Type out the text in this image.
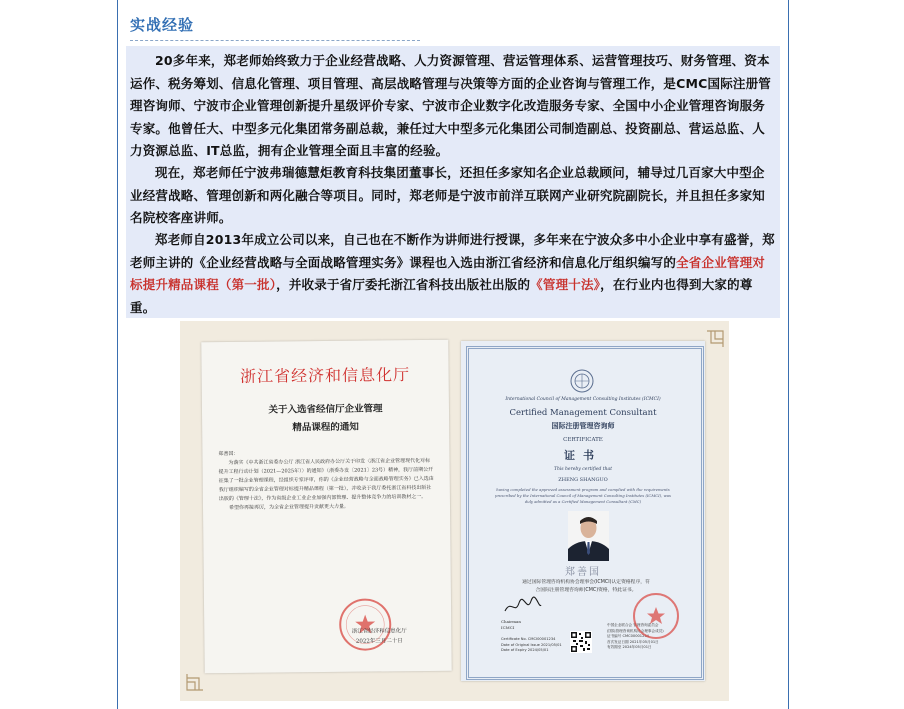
实战经验

20多年来，郑老师始终致力于企业经营战略、人力资源管理、营运管理体系、运营管理技巧、财务管理、资本运作、税务筹划、信息化管理、项目管理、高层战略管理与决策等方面的企业咨询与管理工作，是CMC国际注册管理咨询师、宁波市企业管理创新提升星级评价专家、宁波市企业数字化改造服务专家、全国中小企业管理咨询服务专家。他曾任大、中型多元化集团常务副总裁，兼任过大中型多元化集团公司制造副总、投资副总、营运总监、人力资源总监、IT总监，拥有企业管理全面且丰富的经验。

现在，郑老师任宁波弗瑞德慧炬教育科技集团董事长，还担任多家知名企业总裁顾问，辅导过几百家大中型企业经营战略、管理创新和两化融合等项目。同时，郑老师是宁波市前洋互联网产业研究院副院长，并且担任多家知名院校客座讲师。

郑老师自2013年成立公司以来，自己也在不断作为讲师进行授课，多年来在宁波众多中小企业中享有盛誉，郑老师主讲的《企业经营战略与全面战略管理实务》课程也入选由浙江省经济和信息化厅组织编写的全省企业管理对标提升精品课程（第一批），并收录于省厅委托浙江省科技出版社出版的《管理十法》，在行业内也得到大家的尊重。

浙江省经济和信息化厅
关于入选省经信厅企业管理
精品课程的通知

郑善国：

为落实《中共浙江省委办公厅 浙江省人民政府办公厅关于印发〈浙江省企业管理现代化对标提升工程行动计划（2021—2025年）〉的通知》（浙委办发〔2021〕23号）精神，我厅前期公开征集了一批企业管理课程，经组织专家评审，你的《企业经营战略与全面战略管理实务》已入选由我厅组织编写的全省企业管理对标提升精品课程（第一批），并收录于我厅委托浙江省科技出版社出版的《管理十法》，作为省级企业工业企业加强内部管理、提升整体竞争力的培训教材之一。

希望你再接再厉，为全省企业管理提升贡献更大力量。

浙江省经济和信息化厅
2022年三月二十日
International Council of Management Consulting Institutes (ICMCI)
Certified Management Consultant
国际注册管理咨询师
CERTIFICATE
证书
This hereby certified that
ZHENG SHANGUO
having completed the approved assessment program and complied with the requirements prescribed by the International Council of Management Consulting Institutes (ICMCI), was duly admitted as a Certified Management Consultant (CMC)
郑善国
通过国际管理咨询机构协会理事会(ICMCI)认定资格程序，符
合国际注册管理咨询师(CMC)资格，特此证书。
Chairman
ICMCI
Certificate No. CMCI00001234
Date of Original Issue 2021/05/01
Date of Expiry 2024/05/01
中国企业联合会 管理咨询委员会
(国际管理咨询机构协会理事会成员)
证书编号 CMC00001234
首次发证日期 2021年05月01日
有效期至 2024年05月01日
